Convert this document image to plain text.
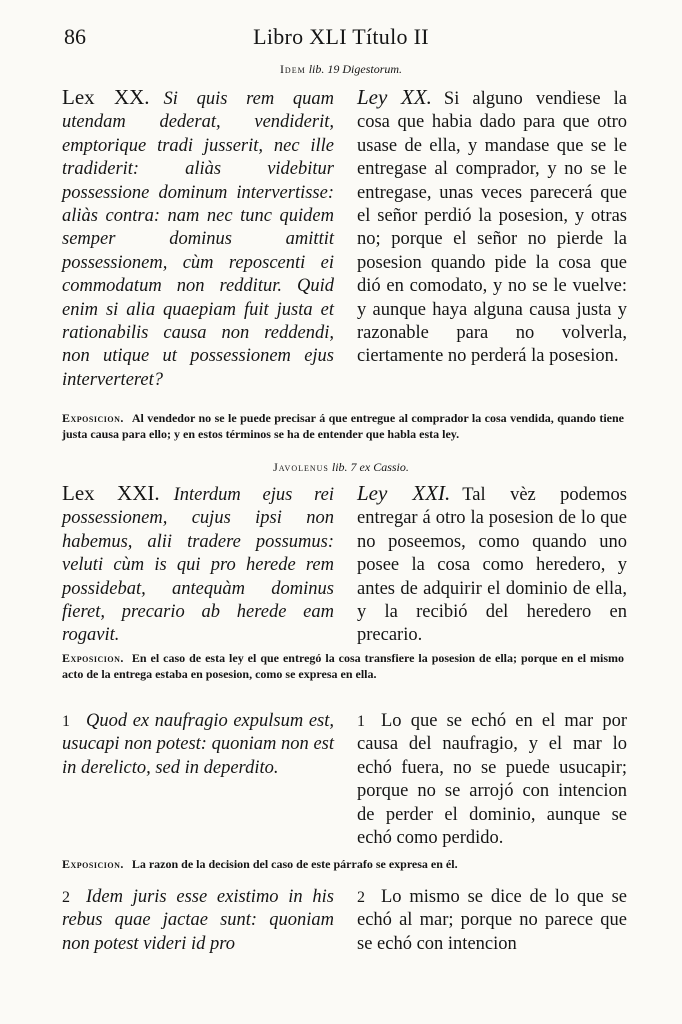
86	Libro XLI Título II
Idem lib. 19 Digestorum.
Lex XX. Si quis rem quam utendam dederat, vendiderit, emptorique tradi jusserit, nec ille tradiderit: aliàs videbitur possessione dominum intervertisse: aliàs contra: nam nec tunc quidem semper dominus amittit possessionem, cùm reposcenti ei commodatum non redditur. Quid enim si alia quaepiam fuit justa et rationabilis causa non reddendi, non utique ut possessionem ejus interverteret?
Ley XX. Si alguno vendiese la cosa que habia dado para que otro usase de ella, y mandase que se le entregase al comprador, y no se le entregase, unas veces parecerá que el señor perdió la posesion, y otras no; porque el señor no pierde la posesion quando pide la cosa que dió en comodato, y no se le vuelve: y aunque haya alguna causa justa y razonable para no volverla, ciertamente no perderá la posesion.
Exposicion. Al vendedor no se le puede precisar á que entregue al comprador la cosa vendida, quando tiene justa causa para ello; y en estos términos se ha de entender que habla esta ley.
Javolenus lib. 7 ex Cassio.
Lex XXI. Interdum ejus rei possessionem, cujus ipsi non habemus, alii tradere possumus: veluti cùm is qui pro herede rem possidebat, antequàm dominus fieret, precario ab herede eam rogavit.
Ley XXI. Tal vèz podemos entregar á otro la posesion de lo que no poseemos, como quando uno posee la cosa como heredero, y antes de adquirir el dominio de ella, y la recibió del heredero en precario.
Exposicion. En el caso de esta ley el que entregó la cosa transfiere la posesion de ella; porque en el mismo acto de la entrega estaba en posesion, como se expresa en ella.
1 Quod ex naufragio expulsum est, usucapi non potest: quoniam non est in derelicto, sed in deperdito.
1 Lo que se echó en el mar por causa del naufragio, y el mar lo echó fuera, no se puede usucapir; porque no se arrojó con intencion de perder el dominio, aunque se echó como perdido.
Exposicion. La razon de la decision del caso de este párrafo se expresa en él.
2 Idem juris esse existimo in his rebus quae jactae sunt: quoniam non potest videri id pro
2 Lo mismo se dice de lo que se echó al mar; porque no parece que se echó con intencion
